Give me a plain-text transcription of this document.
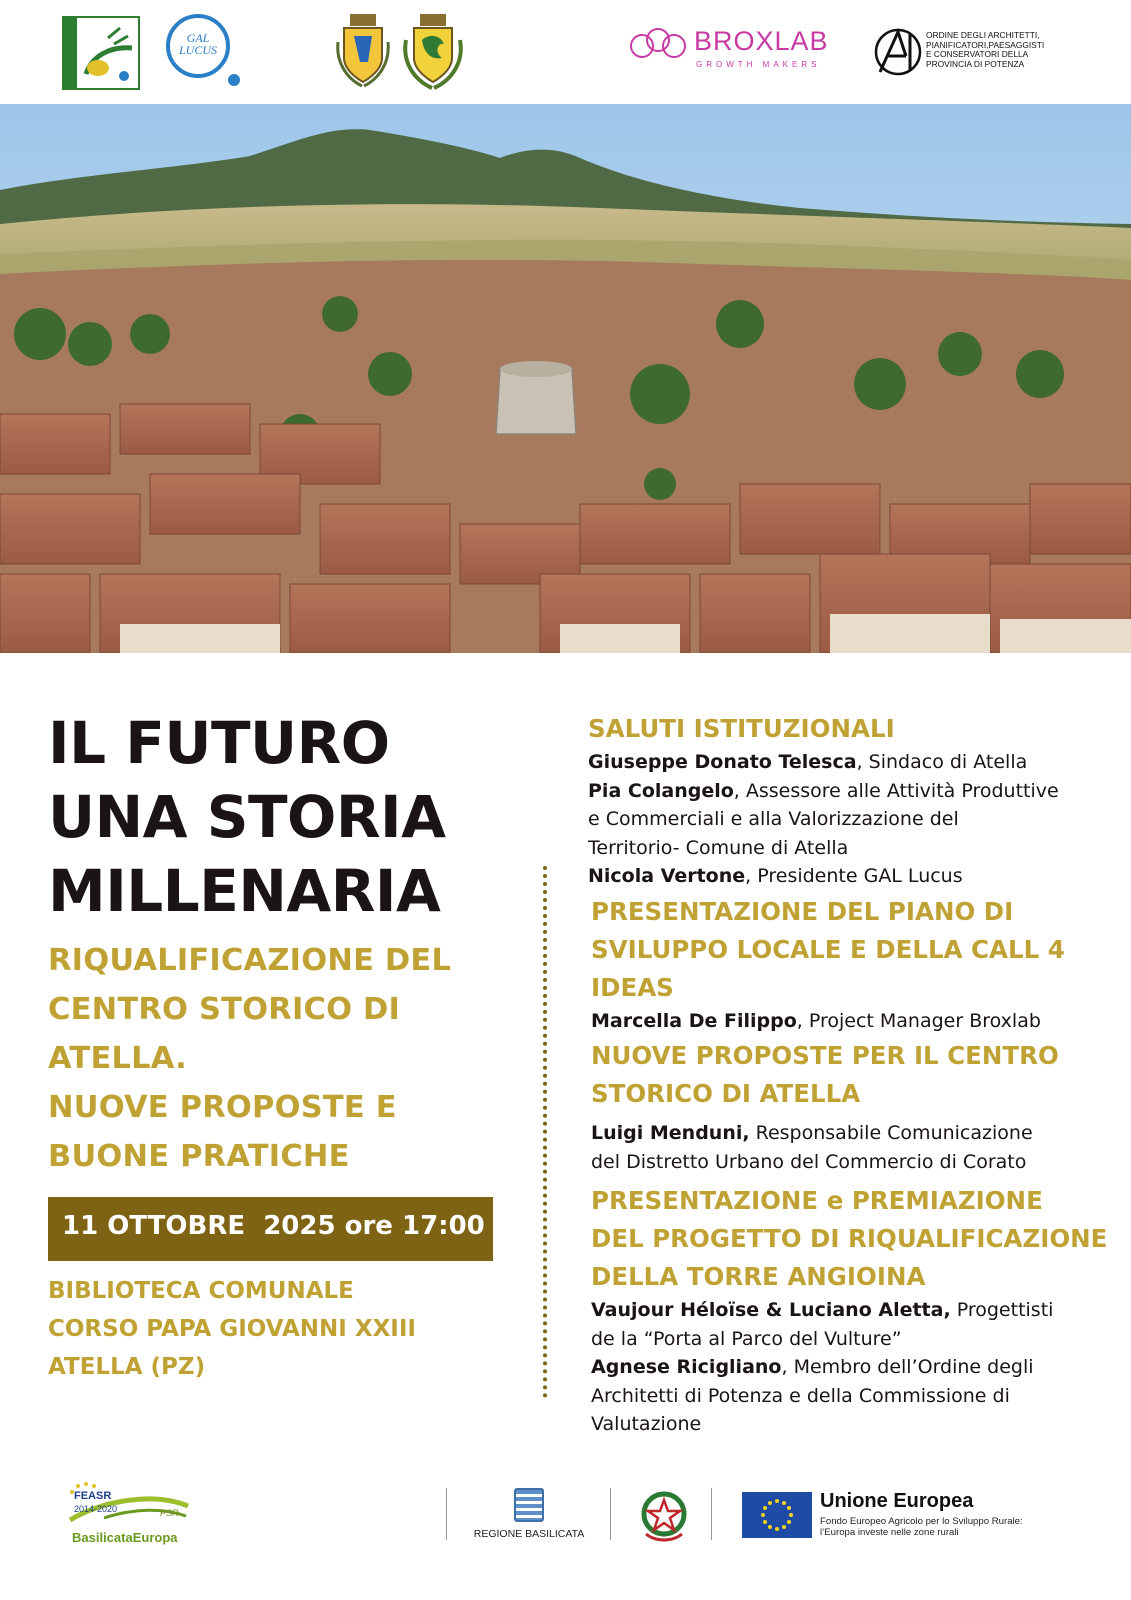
GAL
LUCUS	BROXLAB
GROWTH MAKERS
ORDINE DEGLI ARCHITETTI,
PIANIFICATORI,PAESAGGISTI
E CONSERVATORI DELLA
PROVINCIA DI POTENZA
IL FUTURO
UNA STORIA
MILLENARIA
RIQUALIFICAZIONE DEL
CENTRO STORICO DI
ATELLA.
NUOVE PROPOSTE E
BUONE PRATICHE
11 OTTOBRE  2025 ore 17:00
BIBLIOTECA COMUNALE
CORSO PAPA GIOVANNI XXIII
ATELLA (PZ)
SALUTI ISTITUZIONALI
Giuseppe Donato Telesca, Sindaco di Atella
Pia Colangelo, Assessore alle Attività Produttive
e Commerciali e alla Valorizzazione del
Territorio- Comune di Atella
Nicola Vertone, Presidente GAL Lucus
PRESENTAZIONE DEL PIANO DI
SVILUPPO LOCALE E DELLA CALL 4
IDEAS
Marcella De Filippo, Project Manager Broxlab
NUOVE PROPOSTE PER IL CENTRO
STORICO DI ATELLA
Luigi Menduni, Responsabile Comunicazione
del Distretto Urbano del Commercio di Corato
PRESENTAZIONE e PREMIAZIONE
DEL PROGETTO DI RIQUALIFICAZIONE
DELLA TORRE ANGIOINA
Vaujour Héloïse & Luciano Aletta, Progettisti
de la “Porta al Parco del Vulture”
Agnese Ricigliano, Membro dell’Ordine degli
Architetti di Potenza e della Commissione di
Valutazione
FEASR
2014-2020	PSR
BasilicataEuropa	REGIONE BASILICATA
Unione Europea
Fondo Europeo Agricolo per lo Sviluppo Rurale:
l’Europa investe nelle zone rurali
